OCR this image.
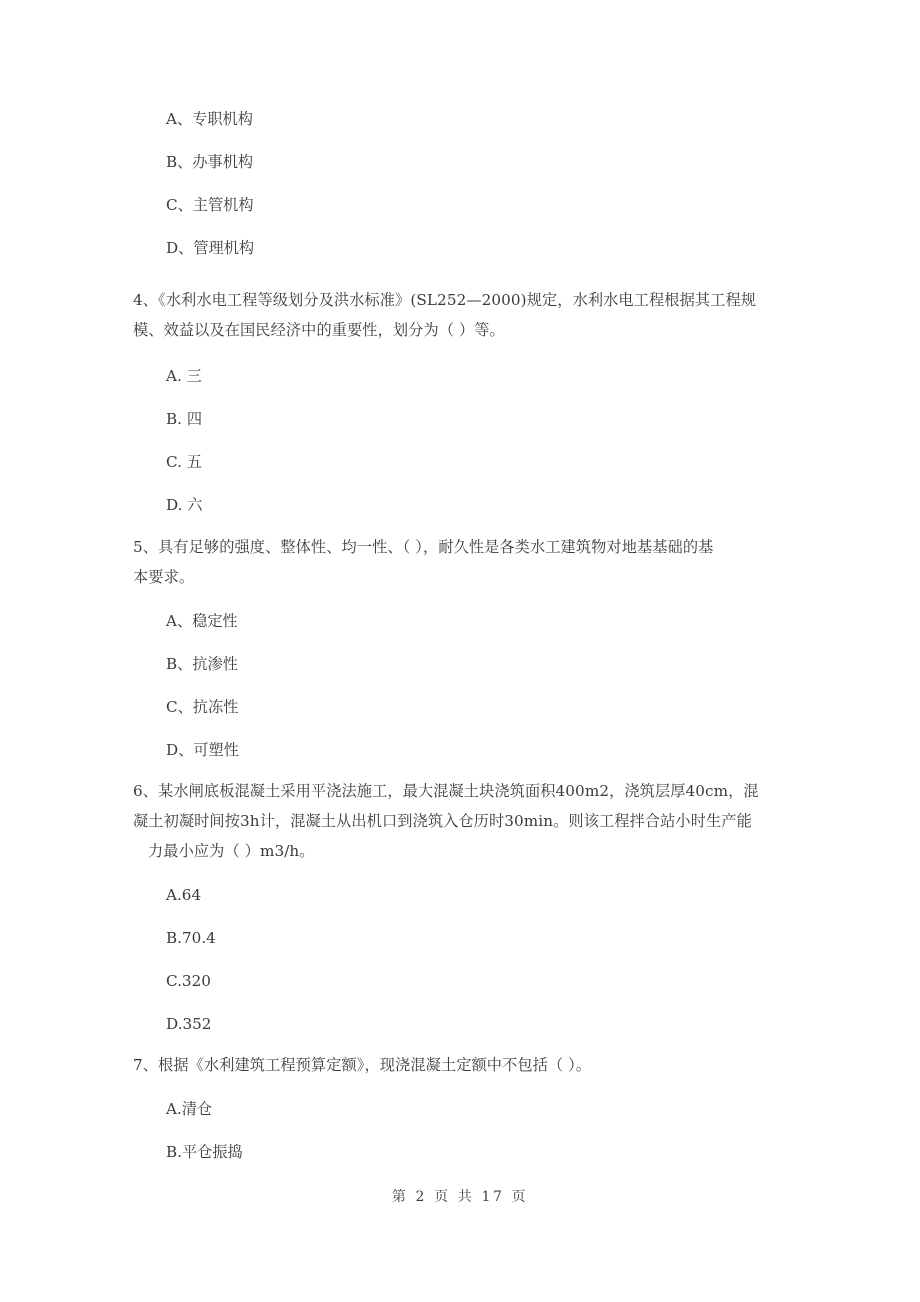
A、专职机构

B、办事机构

C、主管机构

D、管理机构

4、《水利水电工程等级划分及洪水标准》(SL252—2000)规定，水利水电工程根据其工程规

模、效益以及在国民经济中的重要性，划分为（ ）等。

A. 三

B. 四

C. 五

D. 六

5、具有足够的强度、整体性、均一性、（ ），耐久性是各类水工建筑物对地基基础的基

本要求。

A、稳定性

B、抗渗性

C、抗冻性

D、可塑性

6、某水闸底板混凝土采用平浇法施工，最大混凝土块浇筑面积400m2，浇筑层厚40cm，混

凝土初凝时间按3h计，混凝土从出机口到浇筑入仓历时30min。则该工程拌合站小时生产能

力最小应为（ ）m3/h。

A.64

B.70.4

C.320

D.352

7、根据《水利建筑工程预算定额》，现浇混凝土定额中不包括（ ）。

A.清仓

B.平仓振捣

第 2 页 共 17 页
